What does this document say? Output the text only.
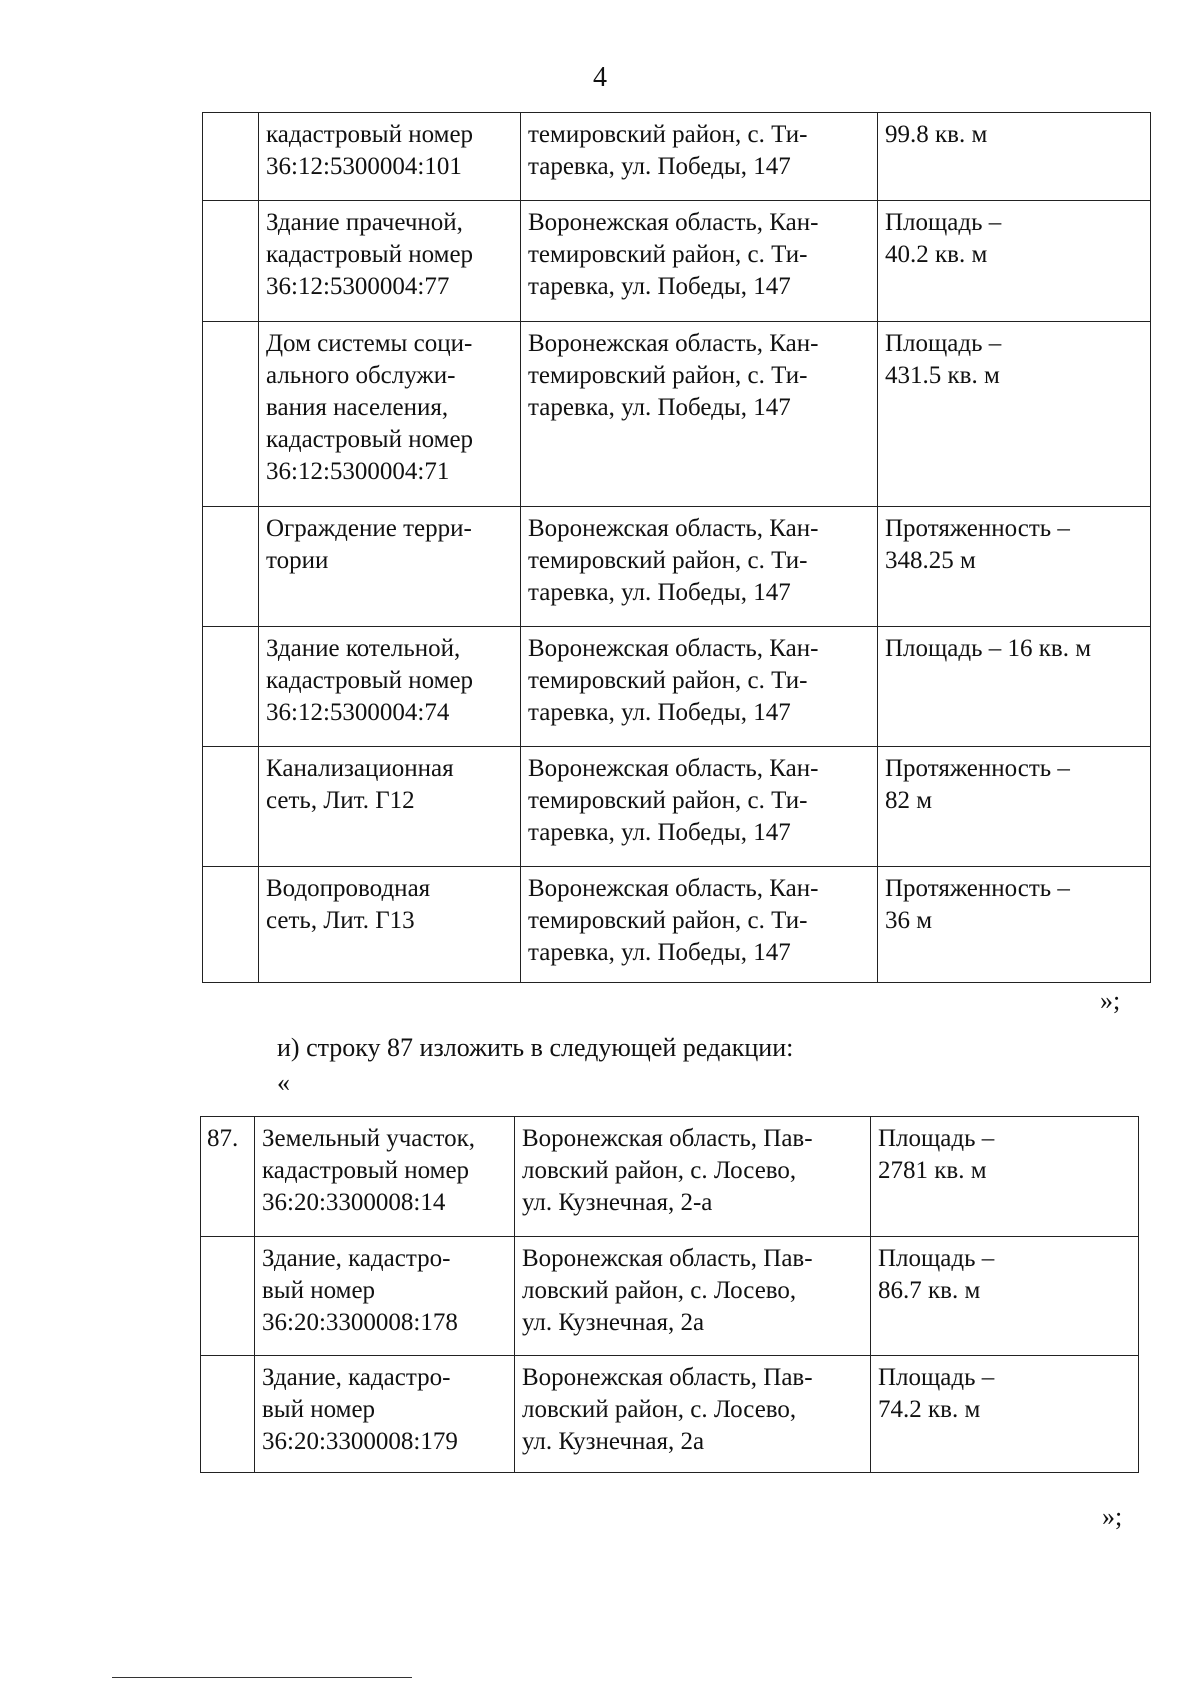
4
	кадастровый номер
36:12:5300004:101	темировский район, с. Ти-
таревка, ул. Победы, 147	99.8 кв. м
	Здание прачечной,
кадастровый номер
36:12:5300004:77	Воронежская область, Кан-
темировский район, с. Ти-
таревка, ул. Победы, 147	Площадь –
40.2 кв. м
	Дом системы соци-
ального обслужи-
вания населения,
кадастровый номер
36:12:5300004:71	Воронежская область, Кан-
темировский район, с. Ти-
таревка, ул. Победы, 147	Площадь –
431.5 кв. м
	Ограждение терри-
тории	Воронежская область, Кан-
темировский район, с. Ти-
таревка, ул. Победы, 147	Протяженность –
348.25 м
	Здание котельной,
кадастровый номер
36:12:5300004:74	Воронежская область, Кан-
темировский район, с. Ти-
таревка, ул. Победы, 147	Площадь – 16 кв. м
	Канализационная
сеть, Лит. Г12	Воронежская область, Кан-
темировский район, с. Ти-
таревка, ул. Победы, 147	Протяженность –
82 м
	Водопроводная
сеть, Лит. Г13	Воронежская область, Кан-
темировский район, с. Ти-
таревка, ул. Победы, 147	Протяженность –
36 м
»;
и) строку 87 изложить в следующей редакции:
«
87.	Земельный участок,
кадастровый номер
36:20:3300008:14	Воронежская область, Пав-
ловский район, с. Лосево,
ул. Кузнечная, 2-а	Площадь –
2781 кв. м
	Здание, кадастро-
вый номер
36:20:3300008:178	Воронежская область, Пав-
ловский район, с. Лосево,
ул. Кузнечная, 2а	Площадь –
86.7 кв. м
	Здание, кадастро-
вый номер
36:20:3300008:179	Воронежская область, Пав-
ловский район, с. Лосево,
ул. Кузнечная, 2а	Площадь –
74.2 кв. м
»;
